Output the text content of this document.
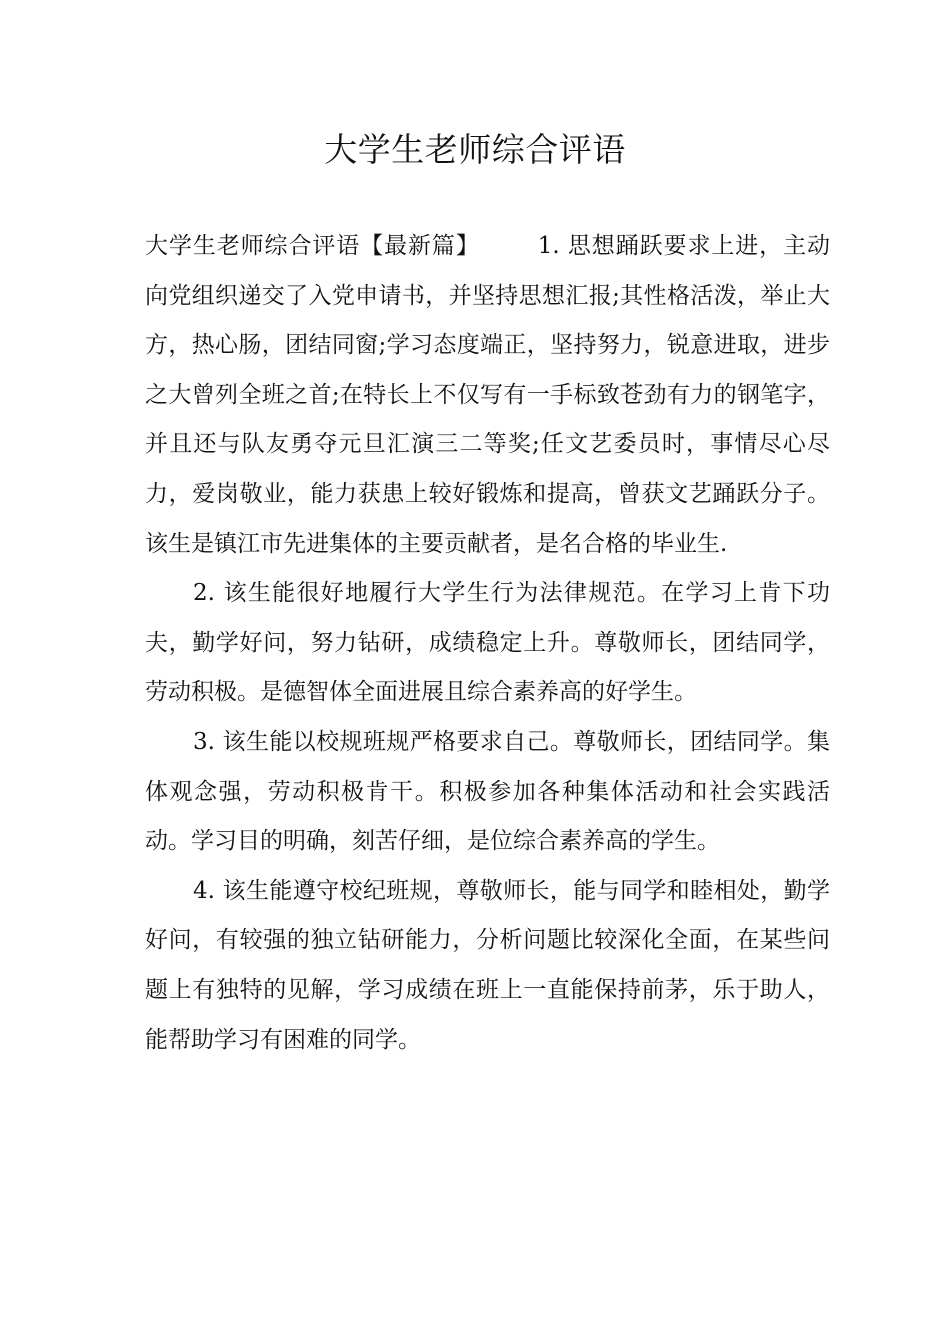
大学生老师综合评语

大学生老师综合评语【最新篇】	1. 思想踊跃要求上进，主动向党组织递交了入党申请书，并坚持思想汇报;其性格活泼，举止大方，热心肠，团结同窗;学习态度端正，坚持努力，锐意进取，进步之大曾列全班之首;在特长上不仅写有一手标致苍劲有力的钢笔字，并且还与队友勇夺元旦汇演三二等奖;任文艺委员时，事情尽心尽力，爱岗敬业，能力获患上较好锻炼和提高，曾获文艺踊跃分子。该生是镇江市先进集体的主要贡献者，是名合格的毕业生.

2. 该生能很好地履行大学生行为法律规范。在学习上肯下功夫，勤学好问，努力钻研，成绩稳定上升。尊敬师长，团结同学，劳动积极。是德智体全面进展且综合素养高的好学生。

3. 该生能以校规班规严格要求自己。尊敬师长，团结同学。集体观念强，劳动积极肯干。积极参加各种集体活动和社会实践活动。学习目的明确，刻苦仔细，是位综合素养高的学生。

4. 该生能遵守校纪班规，尊敬师长，能与同学和睦相处，勤学好问，有较强的独立钻研能力，分析问题比较深化全面，在某些问题上有独特的见解，学习成绩在班上一直能保持前茅，乐于助人，能帮助学习有困难的同学。
